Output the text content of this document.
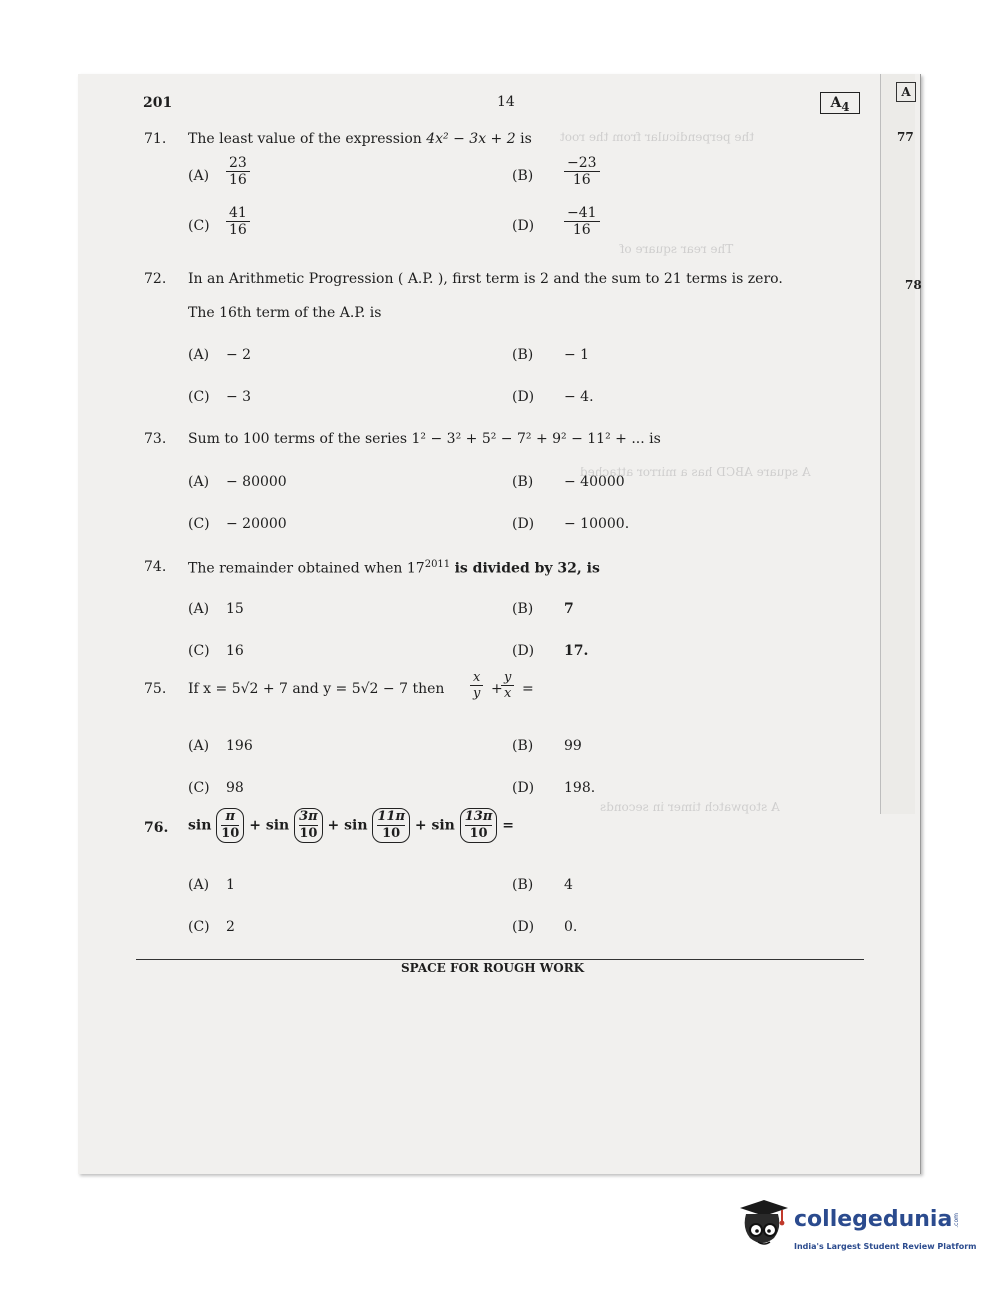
A
77
78
the perpendicular from the root
The rear square of
A square ABCD has a mirror attached
A stopwatch timer in seconds
201	14	$A_4$
71. The least value of the expression 4x² − 3x + 2 is
$(A) \frac{23}{16}$	$(B) \frac{-23}{16}$
$(C) \frac{41}{16}$	$(D) \frac{-41}{16}$
72. In an Arithmetic Progression ( A.P. ), first term is 2 and the sum to 21 terms is zero.
The 16th term of the A.P. is
(A) − 2	(B) − 1
(C) − 3	(D) − 4.
73. Sum to 100 terms of the series 1² − 3² + 5² − 7² + 9² − 11² + ... is
(A) − 80000	(B) − 40000
(C) − 20000	(D) − 10000.
74. The remainder obtained when $17^{2011}$ is divided by 32, is
(A) 15	(B) 7
(C) 16	(D) 17.
75. If x = 5√2 + 7 and y = 5√2 − 7 then $\frac{x}{y}$ +
$\frac{y}{x}$ =
(A) 196	(B) 99
(C) 98	(D) 198.
76. $\sin \frac{\pi}{10} + \sin \frac{3\pi}{10} + \sin \frac{11\pi}{10} + \sin \frac{13\pi}{10}$ =
(A) 1	(B) 4
(C) 2	(D) 0.
SPACE FOR ROUGH WORK
collegedunia .com
India's Largest Student Review Platform
